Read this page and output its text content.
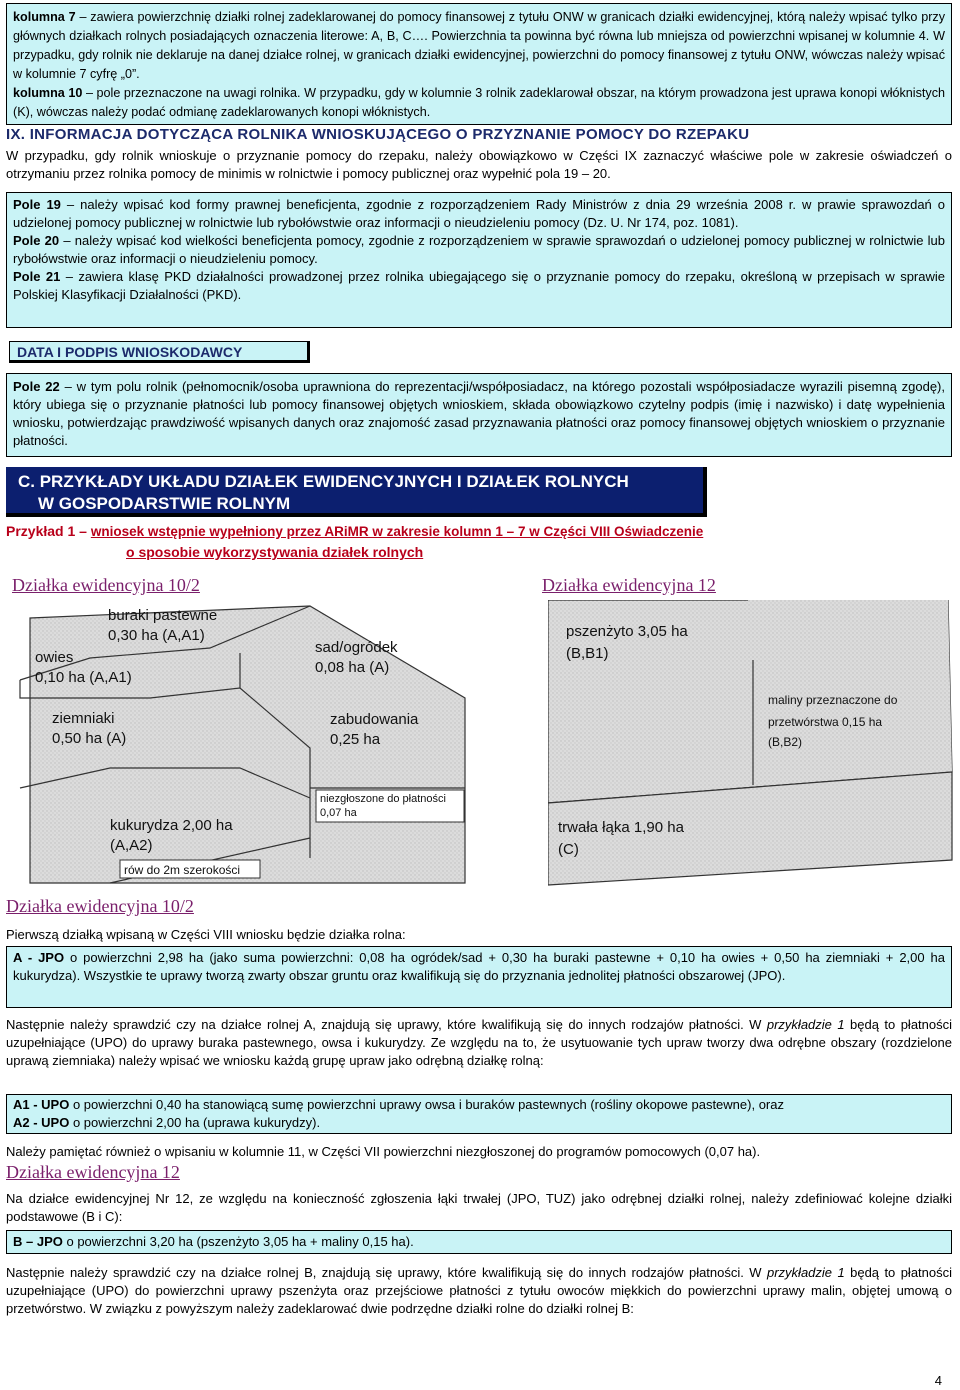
kolumna 7 – zawiera powierzchnię działki rolnej zadeklarowanej do pomocy finansowej z tytułu ONW w granicach działki ewidencyjnej, którą należy wpisać tylko przy głównych działkach rolnych posiadających oznaczenia literowe: A, B, C…. Powierzchnia ta powinna być równa lub mniejsza od powierzchni wpisanej w kolumnie 4. W przypadku, gdy rolnik nie deklaruje na danej działce rolnej, w granicach działki ewidencyjnej, powierzchni do pomocy finansowej z tytułu ONW, wówczas należy wpisać w kolumnie 7 cyfrę „0”.

kolumna 10 – pole przeznaczone na uwagi rolnika. W przypadku, gdy w kolumnie 3 rolnik zadeklarował obszar, na którym prowadzona jest uprawa konopi włóknistych (K), wówczas należy podać odmianę zadeklarowanych konopi włóknistych.

IX. INFORMACJA DOTYCZĄCA ROLNIKA WNIOSKUJĄCEGO O PRZYZNANIE POMOCY DO RZEPAKU

W przypadku, gdy rolnik wnioskuje o przyznanie pomocy do rzepaku, należy obowiązkowo w Części IX zaznaczyć właściwe pole w zakresie oświadczeń o otrzymaniu przez rolnika pomocy de minimis w rolnictwie i pomocy publicznej oraz wypełnić pola 19 – 20.

Pole 19 – należy wpisać kod formy prawnej beneficjenta, zgodnie z rozporządzeniem Rady Ministrów z dnia 29 września 2008 r. w prawie sprawozdań o udzielonej pomocy publicznej w rolnictwie lub rybołówstwie oraz informacji o nieudzieleniu pomocy (Dz. U. Nr 174, poz. 1081).

Pole 20 – należy wpisać kod wielkości beneficjenta pomocy, zgodnie z rozporządzeniem w sprawie sprawozdań o udzielonej pomocy publicznej w rolnictwie lub rybołówstwie oraz informacji o nieudzieleniu pomocy.

Pole 21 – zawiera klasę PKD działalności prowadzonej przez rolnika ubiegającego się o przyznanie pomocy do rzepaku, określoną w przepisach w sprawie Polskiej Klasyfikacji Działalności (PKD).

DATA I PODPIS WNIOSKODAWCY

Pole 22 – w tym polu rolnik (pełnomocnik/osoba uprawniona do reprezentacji/współposiadacz, na którego pozostali współposiadacze wyrazili pisemną zgodę), który ubiega się o przyznanie płatności lub pomocy finansowej objętych wnioskiem, składa obowiązkowo czytelny podpis (imię i nazwisko) i datę wypełnienia wniosku, potwierdzając prawdziwość wpisanych danych oraz znajomość zasad przyznawania płatności oraz pomocy finansowej objętych wnioskiem o przyznanie płatności.

C. PRZYKŁADY UKŁADU DZIAŁEK EWIDENCYJNYCH I DZIAŁEK ROLNYCH
W GOSPODARSTWIE ROLNYM
Przykład 1 – wniosek wstępnie wypełniony przez ARiMR w zakresie kolumn 1 – 7 w Części VIII Oświadczenie
o sposobie wykorzystywania działek rolnych
Działka ewidencyjna 10/2	Działka ewidencyjna 12
buraki pastewne
0,30 ha (A,A1)
owies
0,10 ha (A,A1)
sad/ogródek
0,08 ha (A)
ziemniaki
0,50 ha (A)
zabudowania
0,25 ha
niezgłoszone do płatności
0,07 ha
kukurydza 2,00 ha
(A,A2)
rów do 2m szerokości
pszenżyto 3,05 ha
(B,B1)
maliny przeznaczone do
przetwórstwa 0,15 ha
(B,B2)
trwała łąka 1,90 ha
(C)
Działka ewidencyjna 10/2

Pierwszą działką wpisaną w Części VIII wniosku będzie działka rolna:

A - JPO o powierzchni 2,98 ha (jako suma powierzchni: 0,08 ha ogródek/sad + 0,30 ha buraki pastewne + 0,10 ha owies + 0,50 ha ziemniaki + 2,00 ha kukurydza). Wszystkie te uprawy tworzą zwarty obszar gruntu oraz kwalifikują się do przyznania jednolitej płatności obszarowej (JPO).

Następnie należy sprawdzić czy na działce rolnej A, znajdują się uprawy, które kwalifikują się do innych rodzajów płatności. W przykładzie 1 będą to płatności uzupełniające (UPO) do uprawy buraka pastewnego, owsa i kukurydzy. Ze względu na to, że usytuowanie tych upraw tworzy dwa odrębne obszary (rozdzielone uprawą ziemniaka) należy wpisać we wniosku każdą grupę upraw jako odrębną działkę rolną:

A1 - UPO o powierzchni 0,40 ha stanowiącą sumę powierzchni uprawy owsa i buraków pastewnych (rośliny okopowe pastewne), oraz

A2 - UPO o powierzchni 2,00 ha (uprawa kukurydzy).

Należy pamiętać również o wpisaniu w kolumnie 11, w Części VII powierzchni niezgłoszonej do programów pomocowych (0,07 ha).

Działka ewidencyjna 12

Na działce ewidencyjnej Nr 12, ze względu na konieczność zgłoszenia łąki trwałej (JPO, TUZ) jako odrębnej działki rolnej, należy zdefiniować kolejne działki podstawowe (B i C):

B – JPO o powierzchni 3,20 ha (pszenżyto 3,05 ha + maliny 0,15 ha).

Następnie należy sprawdzić czy na działce rolnej B, znajdują się uprawy, które kwalifikują się do innych rodzajów płatności. W przykładzie 1 będą to płatności uzupełniające (UPO) do powierzchni uprawy pszenżyta oraz przejściowe płatności z tytułu owoców miękkich do powierzchni uprawy malin, objętej umową o przetwórstwo. W związku z powyższym należy zadeklarować dwie podrzędne działki rolne do działki rolnej B:

4
